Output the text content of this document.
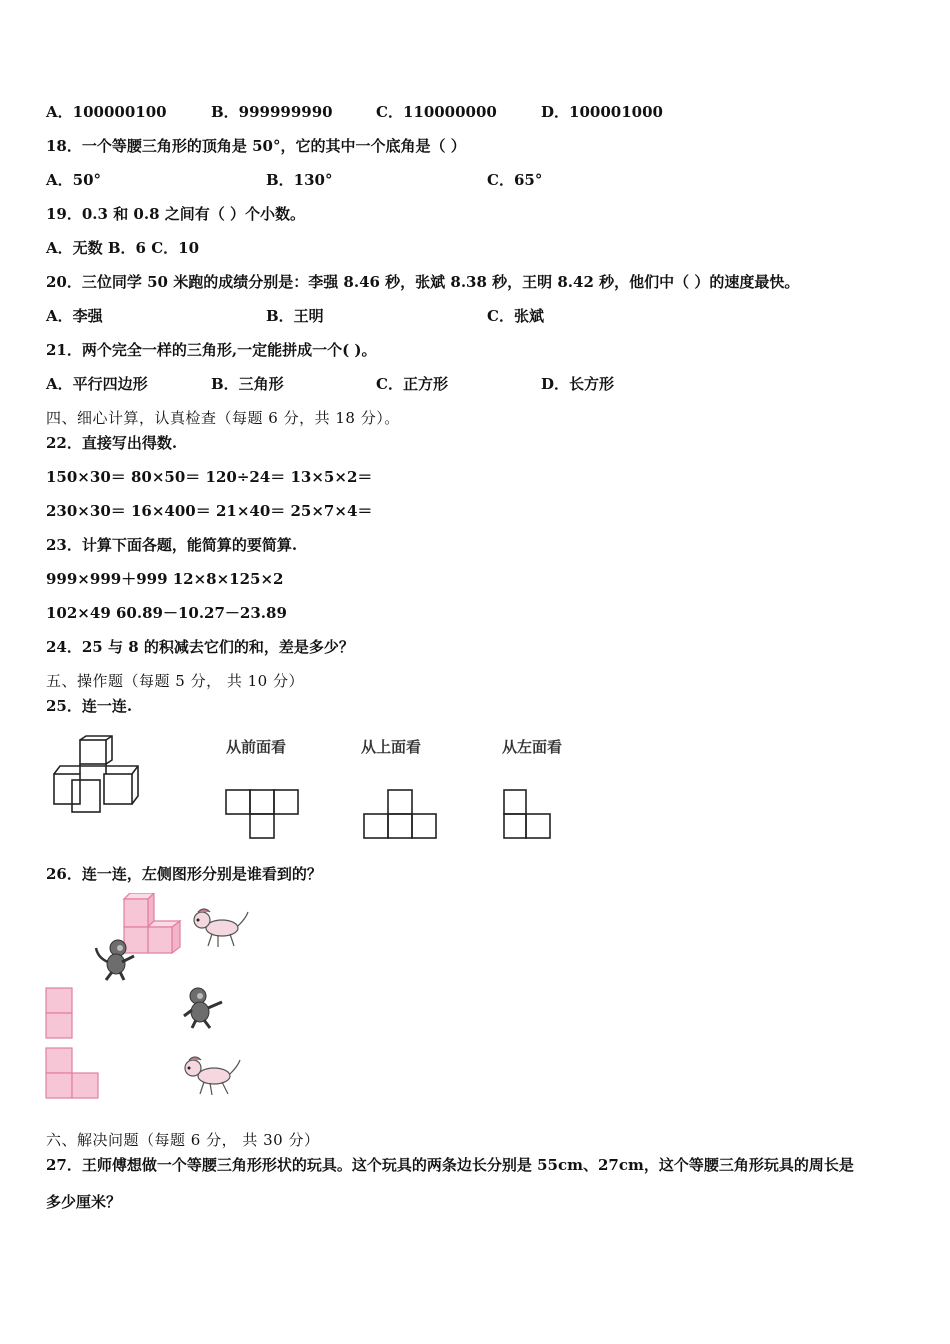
A．100000100	B．999999990	C．110000000	D．100001000
18．一个等腰三角形的顶角是 50°，它的其中一个底角是（ ）
A．50°	B．130°	C．65°
19．0.3 和 0.8 之间有（ ）个小数。
A．无数 B．6 C．10
20．三位同学 50 米跑的成绩分别是：李强 8.46 秒，张斌 8.38 秒，王明 8.42 秒，他们中（ ）的速度最快。
A．李强	B．王明	C．张斌
21．两个完全一样的三角形,一定能拼成一个( )。
A．平行四边形	B．三角形	C．正方形	D．长方形
四、细心计算，认真检查（每题 6 分，共 18 分）。
22．直接写出得数.
150×30＝ 80×50＝ 120÷24＝ 13×5×2＝
230×30＝ 16×400＝ 21×40＝ 25×7×4＝
23．计算下面各题，能简算的要简算.
999×999＋999 12×8×125×2
102×49 60.89－10.27－23.89
24．25 与 8 的积减去它们的和，差是多少？
五、操作题（每题 5 分， 共 10 分）
25．连一连.
从前面看	从上面看	从左面看
26．连一连，左侧图形分别是谁看到的？
六、解决问题（每题 6 分， 共 30 分）
27．王师傅想做一个等腰三角形形状的玩具。这个玩具的两条边长分别是 55cm、27cm，这个等腰三角形玩具的周长是
多少厘米？
